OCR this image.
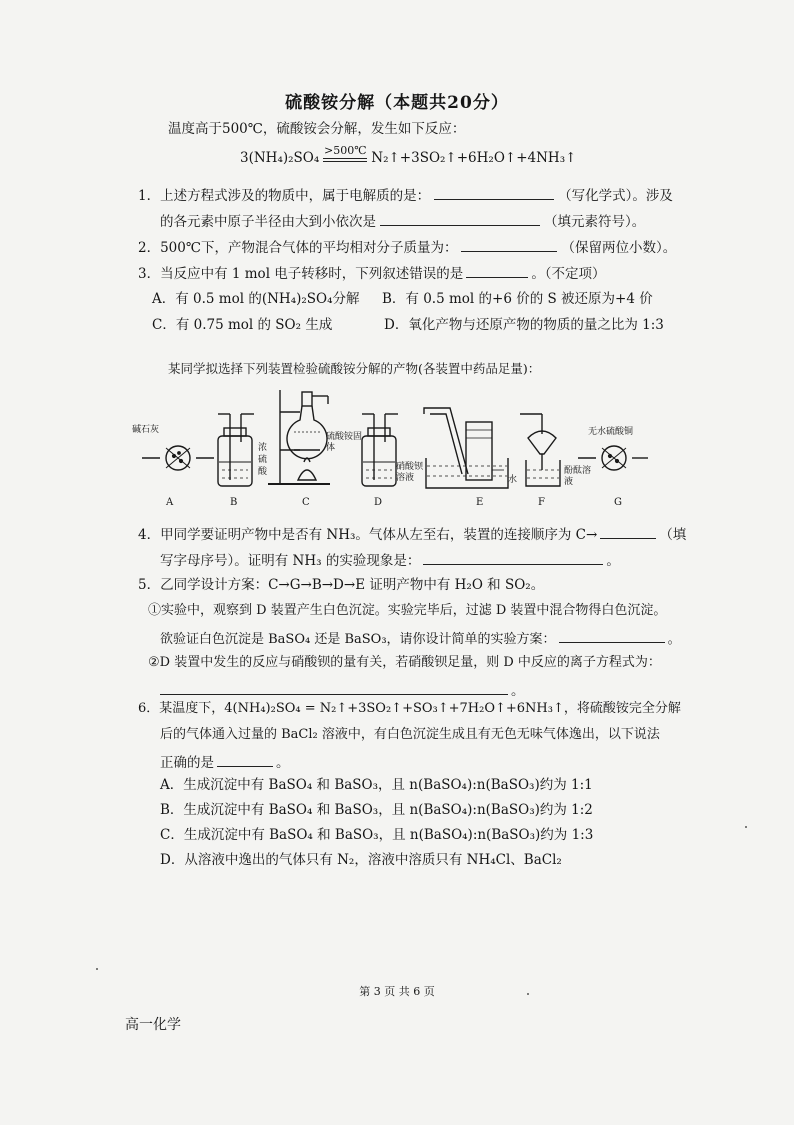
硫酸铵分解（本题共20分）
温度高于500℃，硫酸铵会分解，发生如下反应：
3(NH₄)₂SO₄ >500℃ N₂↑+3SO₂↑+6H₂O↑+4NH₃↑
1．上述方程式涉及的物质中，属于电解质的是：	（写化学式）。涉及
的各元素中原子半径由大到小依次是	（填元素符号）。
2．500℃下，产物混合气体的平均相对分子质量为：	（保留两位小数）。
3．当反应中有 1 mol 电子转移时，下列叙述错误的是	。（不定项）
A．有 0.5 mol 的(NH₄)₂SO₄分解 B．有 0.5 mol 的+6 价的 S 被还原为+4 价
C．有 0.75 mol 的 SO₂ 生成	D．氧化产物与还原产物的物质的量之比为 1:3
某同学拟选择下列装置检验硫酸铵分解的产物(各装置中药品足量)：
碱石灰
浓硫酸
硫酸铵固体
硝酸钡溶液	水
酚酞溶液
无水硫酸铜
A	B	C	D	E	F	G
4．甲同学要证明产物中是否有 NH₃。气体从左至右，装置的连接顺序为 C→	（填
写字母序号）。证明有 NH₃ 的实验现象是：	。
5．乙同学设计方案：C→G→B→D→E 证明产物中有 H₂O 和 SO₂。
①实验中，观察到 D 装置产生白色沉淀。实验完毕后，过滤 D 装置中混合物得白色沉淀。
欲验证白色沉淀是 BaSO₄ 还是 BaSO₃，请你设计简单的实验方案：	。
②D 装置中发生的反应与硝酸钡的量有关，若硝酸钡足量，则 D 中反应的离子方程式为：
。
6．某温度下，4(NH₄)₂SO₄ = N₂↑+3SO₂↑+SO₃↑+7H₂O↑+6NH₃↑，将硫酸铵完全分解
后的气体通入过量的 BaCl₂ 溶液中，有白色沉淀生成且有无色无味气体逸出，以下说法
正确的是	。
A．生成沉淀中有 BaSO₄ 和 BaSO₃，且 n(BaSO₄):n(BaSO₃)约为 1:1
B．生成沉淀中有 BaSO₄ 和 BaSO₃，且 n(BaSO₄):n(BaSO₃)约为 1:2
C．生成沉淀中有 BaSO₄ 和 BaSO₃，且 n(BaSO₄):n(BaSO₃)约为 1:3
D．从溶液中逸出的气体只有 N₂，溶液中溶质只有 NH₄Cl、BaCl₂
第 3 页 共 6 页
高一化学
